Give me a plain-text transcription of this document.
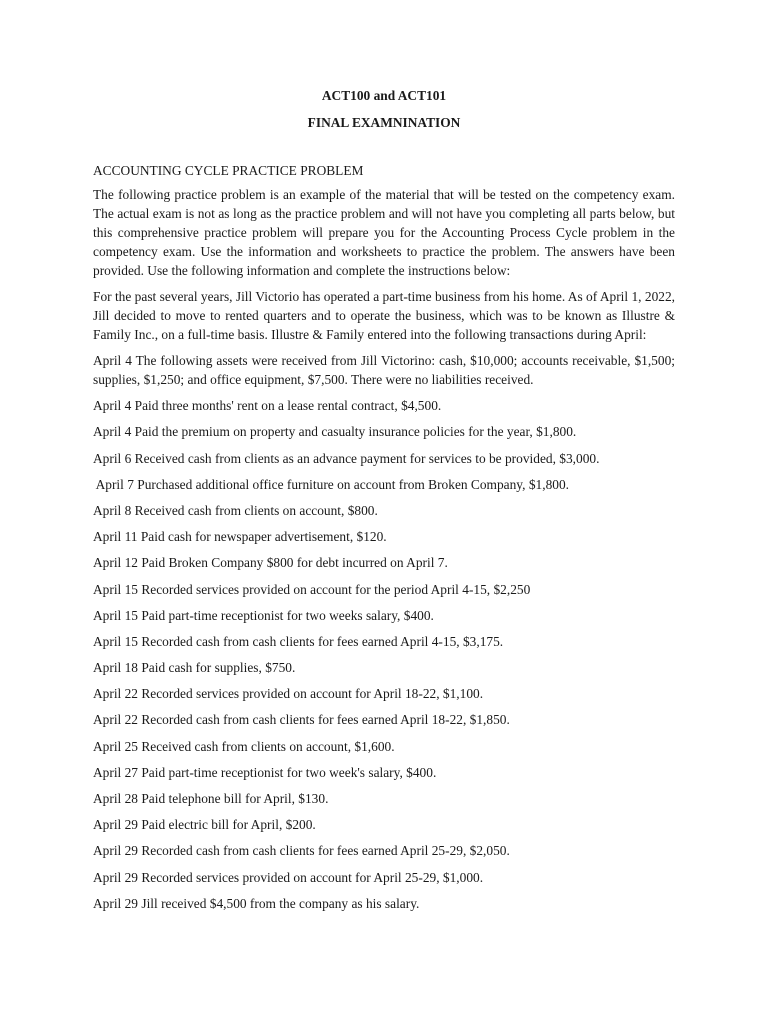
ACT100 and ACT101

FINAL EXAMNINATION

ACCOUNTING CYCLE PRACTICE PROBLEM

The following practice problem is an example of the material that will be tested on the competency exam. The actual exam is not as long as the practice problem and will not have you completing all parts below, but this comprehensive practice problem will prepare you for the Accounting Process Cycle problem in the competency exam. Use the information and worksheets to practice the problem. The answers have been provided. Use the following information and complete the instructions below:

For the past several years, Jill Victorio has operated a part-time business from his home. As of April 1, 2022, Jill decided to move to rented quarters and to operate the business, which was to be known as Illustre & Family Inc., on a full-time basis. Illustre & Family entered into the following transactions during April:

April 4 The following assets were received from Jill Victorino: cash, $10,000; accounts receivable, $1,500; supplies, $1,250; and office equipment, $7,500. There were no liabilities received.

April 4 Paid three months' rent on a lease rental contract, $4,500.

April 4 Paid the premium on property and casualty insurance policies for the year, $1,800.

April 6 Received cash from clients as an advance payment for services to be provided, $3,000.

April 7 Purchased additional office furniture on account from Broken Company, $1,800.

April 8 Received cash from clients on account, $800.

April 11 Paid cash for newspaper advertisement, $120.

April 12 Paid Broken Company $800 for debt incurred on April 7.

April 15 Recorded services provided on account for the period April 4-15, $2,250

April 15 Paid part-time receptionist for two weeks salary, $400.

April 15 Recorded cash from cash clients for fees earned April 4-15, $3,175.

April 18 Paid cash for supplies, $750.

April 22 Recorded services provided on account for April 18-22, $1,100.

April 22 Recorded cash from cash clients for fees earned April 18-22, $1,850.

April 25 Received cash from clients on account, $1,600.

April 27 Paid part-time receptionist for two week's salary, $400.

April 28 Paid telephone bill for April, $130.

April 29 Paid electric bill for April, $200.

April 29 Recorded cash from cash clients for fees earned April 25-29, $2,050.

April 29 Recorded services provided on account for April 25-29, $1,000.

April 29 Jill received $4,500 from the company as his salary.
